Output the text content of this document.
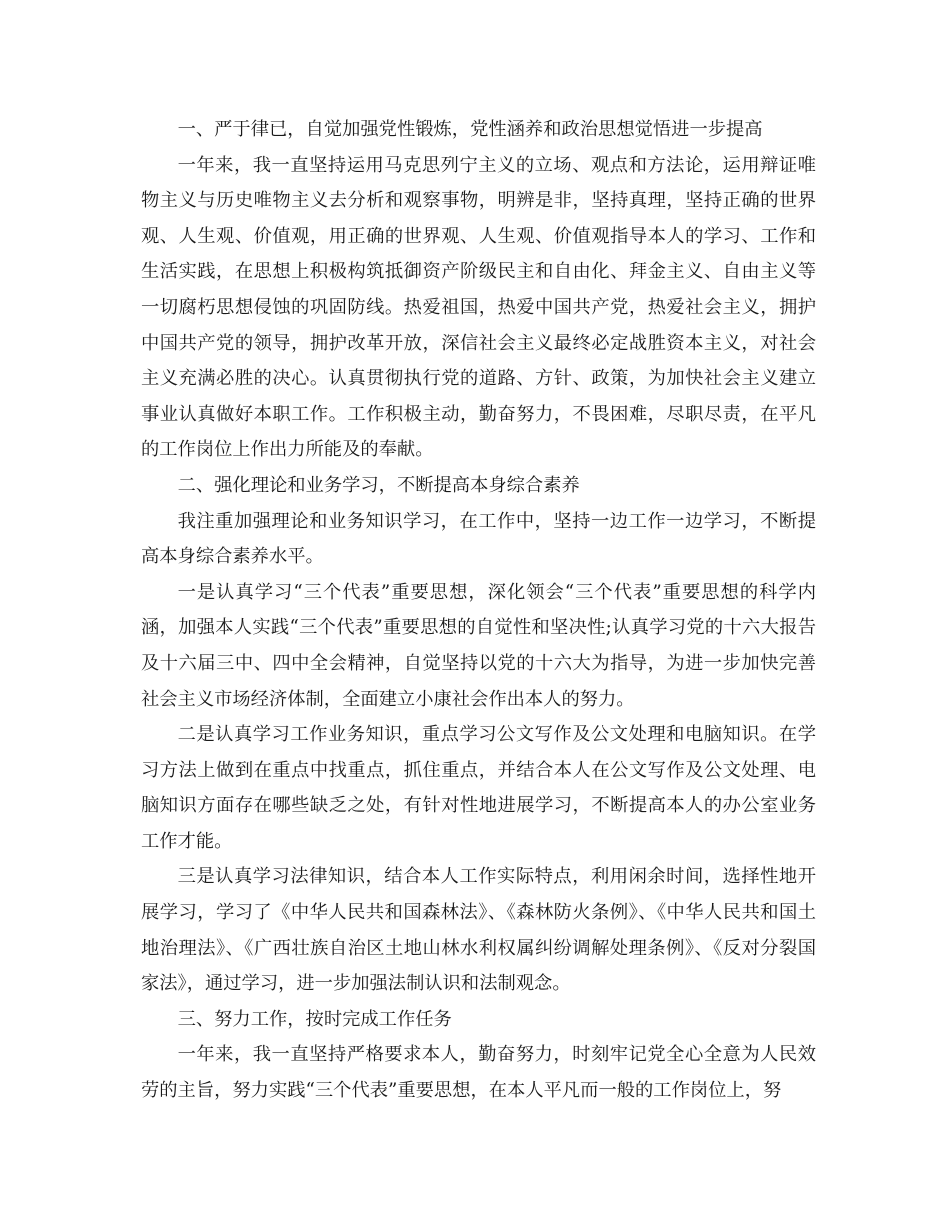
一、严于律已，自觉加强党性锻炼，党性涵养和政治思想觉悟进一步提高

一年来，我一直坚持运用马克思列宁主义的立场、观点和方法论，运用辩证唯物主义与历史唯物主义去分析和观察事物，明辨是非，坚持真理，坚持正确的世界观、人生观、价值观，用正确的世界观、人生观、价值观指导本人的学习、工作和生活实践，在思想上积极构筑抵御资产阶级民主和自由化、拜金主义、自由主义等一切腐朽思想侵蚀的巩固防线。热爱祖国，热爱中国共产党，热爱社会主义，拥护中国共产党的领导，拥护改革开放，深信社会主义最终必定战胜资本主义，对社会主义充满必胜的决心。认真贯彻执行党的道路、方针、政策，为加快社会主义建立事业认真做好本职工作。工作积极主动，勤奋努力，不畏困难，尽职尽责，在平凡的工作岗位上作出力所能及的奉献。

二、强化理论和业务学习，不断提高本身综合素养

我注重加强理论和业务知识学习，在工作中，坚持一边工作一边学习，不断提高本身综合素养水平。

一是认真学习“三个代表”重要思想，深化领会“三个代表”重要思想的科学内涵，加强本人实践“三个代表”重要思想的自觉性和坚决性;认真学习党的十六大报告及十六届三中、四中全会精神，自觉坚持以党的十六大为指导，为进一步加快完善社会主义市场经济体制，全面建立小康社会作出本人的努力。

二是认真学习工作业务知识，重点学习公文写作及公文处理和电脑知识。在学习方法上做到在重点中找重点，抓住重点，并结合本人在公文写作及公文处理、电脑知识方面存在哪些缺乏之处，有针对性地进展学习，不断提高本人的办公室业务工作才能。

三是认真学习法律知识，结合本人工作实际特点，利用闲余时间，选择性地开展学习，学习了《中华人民共和国森林法》、《森林防火条例》、《中华人民共和国土地治理法》、《广西壮族自治区土地山林水利权属纠纷调解处理条例》、《反对分裂国家法》，通过学习，进一步加强法制认识和法制观念。

三、努力工作，按时完成工作任务

一年来，我一直坚持严格要求本人，勤奋努力，时刻牢记党全心全意为人民效劳的主旨，努力实践“三个代表”重要思想，在本人平凡而一般的工作岗位上，努
